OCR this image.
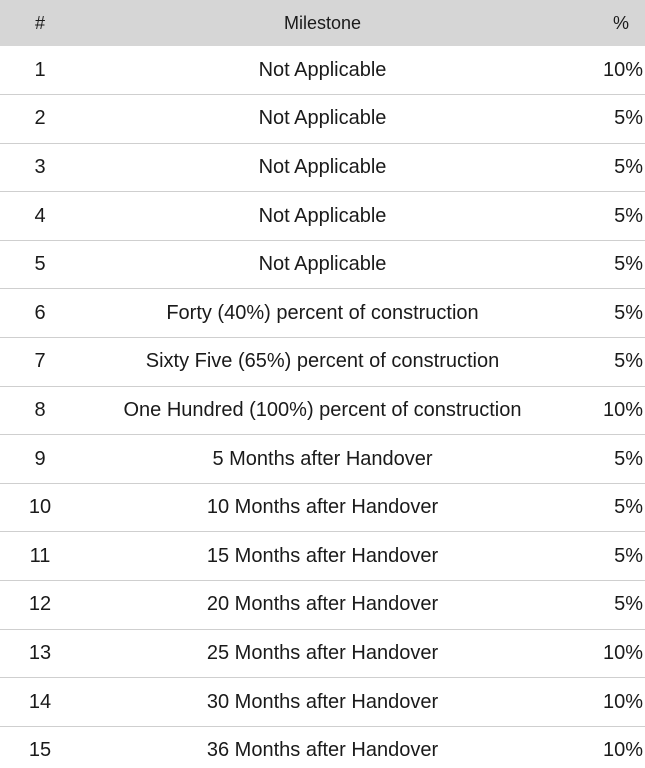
#	Milestone	%
1	Not Applicable	10%
2	Not Applicable	5%
3	Not Applicable	5%
4	Not Applicable	5%
5	Not Applicable	5%
6	Forty (40%) percent of construction	5%
7	Sixty Five (65%) percent of construction	5%
8	One Hundred (100%) percent of construction	10%
9	5 Months after Handover	5%
10	10 Months after Handover	5%
11	15 Months after Handover	5%
12	20 Months after Handover	5%
13	25 Months after Handover	10%
14	30 Months after Handover	10%
15	36 Months after Handover	10%
